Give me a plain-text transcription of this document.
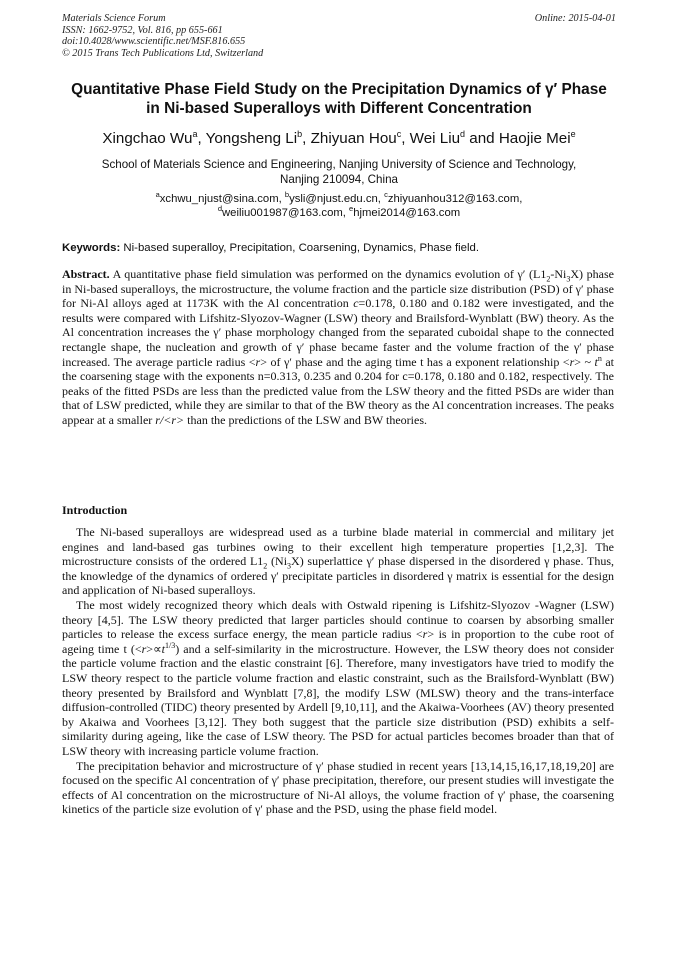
Materials Science Forum
ISSN: 1662-9752, Vol. 816, pp 655-661
doi:10.4028/www.scientific.net/MSF.816.655
© 2015 Trans Tech Publications Ltd, Switzerland
Online: 2015-04-01
Quantitative Phase Field Study on the Precipitation Dynamics of γ′ Phase
in Ni-based Superalloys with Different Concentration
Xingchao Wu$^a$, Yongsheng Li$^b$, Zhiyuan Hou$^c$, Wei Liu$^d$ and Haojie Mei$^e$
School of Materials Science and Engineering, Nanjing University of Science and Technology,
Nanjing 210094, China
$^a$xchwu_njust@sina.com, $^b$ysli@njust.edu.cn, $^c$zhiyuanhou312@163.com,
$^d$weiliu001987@163.com, $^e$hjmei2014@163.com
Keywords: Ni-based superalloy, Precipitation, Coarsening, Dynamics, Phase field.
Abstract. A quantitative phase field simulation was performed on the dynamics evolution of γ′ $(L1_2-Ni_3X)$ phase in Ni-based superalloys, the microstructure, the volume fraction and the particle size distribution (PSD) of γ′ phase for Ni-Al alloys aged at 1173K with the Al concentration c=0.178, 0.180 and 0.182 were investigated, and the results were compared with Lifshitz-Slyozov-Wagner (LSW) theory and Brailsford-Wynblatt (BW) theory. As the Al concentration increases the γ′ phase morphology changed from the separated cuboidal shape to the connected rectangle shape, the nucleation and growth of γ′ phase became faster and the volume fraction of the γ′ phase increased. The average particle radius <r> of γ′ phase and the aging time t has a exponent relationship <r> ~ $t^n$ at the coarsening stage with the exponents n=0.313, 0.235 and 0.204 for c=0.178, 0.180 and 0.182, respectively. The peaks of the fitted PSDs are less than the predicted value from the LSW theory and the fitted PSDs are wider than that of LSW predicted, while they are similar to that of the BW theory as the Al concentration increases. The peaks appear at a smaller r/<r> than the predictions of the LSW and BW theories.
Introduction

The Ni-based superalloys are widespread used as a turbine blade material in commercial and military jet engines and land-based gas turbines owing to their excellent high temperature properties [1,2,3]. The microstructure consists of the ordered $L1_2$ $(Ni_3X)$ superlattice γ′ phase dispersed in the disordered γ phase. Thus, the knowledge of the dynamics of ordered γ′ precipitate particles in disordered γ matrix is essential for the design and application of Ni-based superalloys.

The most widely recognized theory which deals with Ostwald ripening is Lifshitz-Slyozov -Wagner (LSW) theory [4,5]. The LSW theory predicted that larger particles should continue to coarsen by absorbing smaller particles to release the excess surface energy, the mean particle radius <r> is in proportion to the cube root of ageing time t $(<r>\propto t^{1/3})$ and a self-similarity in the microstructure. However, the LSW theory does not consider the particle volume fraction and the elastic constraint [6]. Therefore, many investigators have tried to modify the LSW theory respect to the particle volume fraction and elastic constraint, such as the Brailsford-Wynblatt (BW) theory presented by Brailsford and Wynblatt [7,8], the modify LSW (MLSW) theory and the trans-interface diffusion-controlled (TIDC) theory presented by Ardell [9,10,11], and the Akaiwa-Voorhees (AV) theory presented by Akaiwa and Voorhees [3,12]. They both suggest that the particle size distribution (PSD) exhibits a self-similarity during ageing, like the case of LSW theory. The PSD for actual particles becomes broader than that of LSW theory with increasing particle volume fraction.

The precipitation behavior and microstructure of γ′ phase studied in recent years [13,14,15,16,17,18,19,20] are focused on the specific Al concentration of γ′ phase precipitation, therefore, our present studies will investigate the effects of Al concentration on the microstructure of Ni-Al alloys, the volume fraction of γ′ phase, the coarsening kinetics of the particle size evolution of γ′ phase and the PSD, using the phase field model.
